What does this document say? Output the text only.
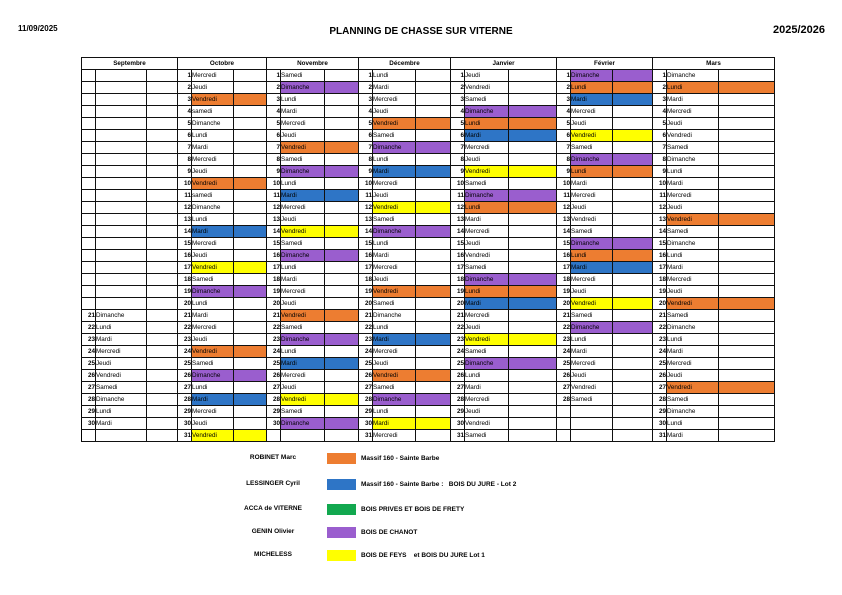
11/09/2025	PLANNING DE CHASSE SUR VITERNE	2025/2026
Septembre			Octobre			Novembre			Décembre			Janvier			Février			Mars		
			1	Mercredi		1	Samedi		1	Lundi		1	Jeudi		1	Dimanche		1	Dimanche	
			2	Jeudi		2	Dimanche		2	Mardi		2	Vendredi		2	Lundi		2	Lundi	
			3	Vendredi		3	Lundi		3	Mercredi		3	Samedi		3	Mardi		3	Mardi	
			4	samedi		4	Mardi		4	Jeudi		4	Dimanche		4	Mercredi		4	Mercredi	
			5	Dimanche		5	Mercredi		5	Vendredi		5	Lundi		5	Jeudi		5	Jeudi	
			6	Lundi		6	Jeudi		6	Samedi		6	Mardi		6	Vendredi		6	Vendredi	
			7	Mardi		7	Vendredi		7	Dimanche		7	Mercredi		7	Samedi		7	Samedi	
			8	Mercredi		8	Samedi		8	Lundi		8	Jeudi		8	Dimanche		8	Dimanche	
			9	Jeudi		9	Dimanche		9	Mardi		9	Vendredi		9	Lundi		9	Lundi	
			10	Vendredi		10	Lundi		10	Mercredi		10	Samedi		10	Mardi		10	Mardi	
			11	samedi		11	Mardi		11	Jeudi		11	Dimanche		11	Mercredi		11	Mercredi	
			12	Dimanche		12	Mercredi		12	Vendredi		12	Lundi		12	Jeudi		12	Jeudi	
			13	Lundi		13	Jeudi		13	Samedi		13	Mardi		13	Vendredi		13	Vendredi	
			14	Mardi		14	Vendredi		14	Dimanche		14	Mercredi		14	Samedi		14	Samedi	
			15	Mercredi		15	Samedi		15	Lundi		15	Jeudi		15	Dimanche		15	Dimanche	
			16	Jeudi		16	Dimanche		16	Mardi		16	Vendredi		16	Lundi		16	Lundi	
			17	Vendredi		17	Lundi		17	Mercredi		17	Samedi		17	Mardi		17	Mardi	
			18	Samedi		18	Mardi		18	Jeudi		18	Dimanche		18	Mercredi		18	Mercredi	
			19	Dimanche		19	Mercredi		19	Vendredi		19	Lundi		19	Jeudi		19	Jeudi	
			20	Lundi		20	Jeudi		20	Samedi		20	Mardi		20	Vendredi		20	Vendredi	
21	Dimanche		21	Mardi		21	Vendredi		21	Dimanche		21	Mercredi		21	Samedi		21	Samedi	
22	Lundi		22	Mercredi		22	Samedi		22	Lundi		22	Jeudi		22	Dimanche		22	Dimanche	
23	Mardi		23	Jeudi		23	Dimanche		23	Mardi		23	Vendredi		23	Lundi		23	Lundi	
24	Mercredi		24	Vendredi		24	Lundi		24	Mercredi		24	Samedi		24	Mardi		24	Mardi	
25	Jeudi		25	Samedi		25	Mardi		25	Jeudi		25	Dimanche		25	Mercredi		25	Mercredi	
26	Vendredi		26	Dimanche		26	Mercredi		26	Vendredi		26	Lundi		26	Jeudi		26	Jeudi	
27	Samedi		27	Lundi		27	Jeudi		27	Samedi		27	Mardi		27	Vendredi		27	Vendredi	
28	Dimanche		28	Mardi		28	Vendredi		28	Dimanche		28	Mercredi		28	Samedi		28	Samedi	
29	Lundi		29	Mercredi		29	Samedi		29	Lundi		29	Jeudi					29	Dimanche	
30	Mardi		30	Jeudi		30	Dimanche		30	Mardi		30	Vendredi					30	Lundi	
			31	Vendredi					31	Mercredi		31	Samedi					31	Mardi	
ROBINET Marc	Massif 160 - Sainte Barbe
LESSINGER Cyril	Massif 160 - Sainte Barbe :   BOIS DU JURE - Lot 2
ACCA de VITERNE	BOIS PRIVES ET BOIS DE FRETY
GENIN Olivier	BOIS DE CHANOT
MICHELESS	BOIS DE FEYS    et BOIS DU JURE Lot 1
